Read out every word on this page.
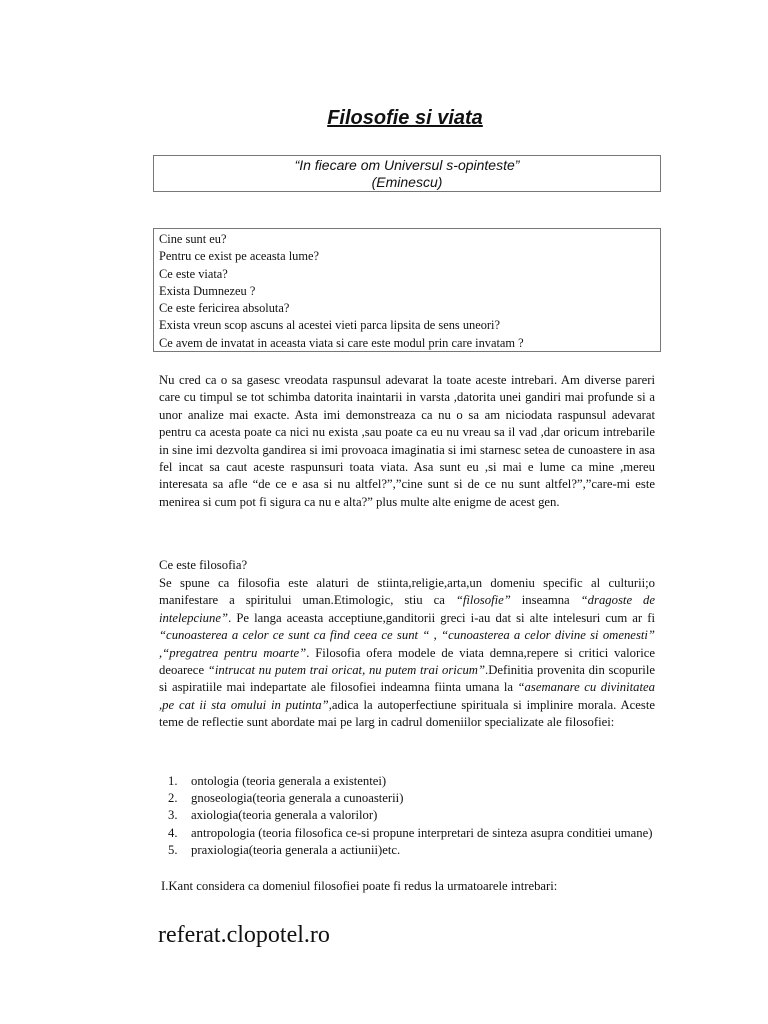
Filosofie si viata
“In fiecare om Universul s-opinteste”
(Eminescu)
Cine sunt eu?
Pentru ce exist pe aceasta lume?
Ce este viata?
Exista Dumnezeu ?
Ce este fericirea absoluta?
Exista vreun scop ascuns al acestei vieti parca lipsita de sens uneori?
Ce avem de invatat in aceasta viata si care este modul prin care invatam ?

Nu cred ca o sa gasesc vreodata raspunsul adevarat la toate aceste intrebari. Am diverse pareri care cu timpul se tot schimba datorita inaintarii in varsta ,datorita unei gandiri mai profunde si a unor analize mai exacte. Asta imi demonstreaza ca nu o sa am niciodata raspunsul adevarat pentru ca acesta poate ca nici nu exista ,sau poate ca eu nu vreau sa il vad ,dar oricum intrebarile in sine imi dezvolta gandirea si imi provoaca imaginatia si imi starnesc setea de cunoastere in asa fel incat sa caut aceste raspunsuri toata viata. Asa sunt eu ,si mai e lume ca mine ,mereu interesata sa afle “de ce e asa si nu altfel?”,”cine sunt si de ce nu sunt altfel?”,”care-mi este menirea si cum pot fi sigura ca nu e alta?” plus multe alte enigme de acest gen.

Ce este filosofia?

Se spune ca filosofia este alaturi de stiinta,religie,arta,un domeniu specific al culturii;o manifestare a spiritului uman.Etimologic, stiu ca “filosofie” inseamna “dragoste de intelepciune”. Pe langa aceasta acceptiune,ganditorii greci i-au dat si alte intelesuri cum ar fi “cunoasterea a celor ce sunt ca find ceea ce sunt “ , “cunoasterea a celor divine si omenesti” ,“pregatrea pentru moarte”. Filosofia ofera modele de viata demna,repere si critici valorice deoarece “intrucat nu putem trai oricat, nu putem trai oricum”.Definitia provenita din scopurile si aspiratiile mai indepartate ale filosofiei indeamna fiinta umana la “asemanare cu divinitatea ,pe cat ii sta omului in putinta”,adica la autoperfectiune spirituala si implinire morala. Aceste teme de reflectie sunt abordate mai pe larg in cadrul domeniilor specializate ale filosofiei:

1. ontologia (teoria generala a existentei)
2. gnoseologia(teoria generala a cunoasterii)
3. axiologia(teoria generala a valorilor)
4. antropologia (teoria filosofica ce-si propune interpretari de sinteza asupra conditiei umane)
5. praxiologia(teoria generala a actiunii)etc.

I.Kant considera ca domeniul filosofiei poate fi redus la urmatoarele intrebari:

referat.clopotel.ro
